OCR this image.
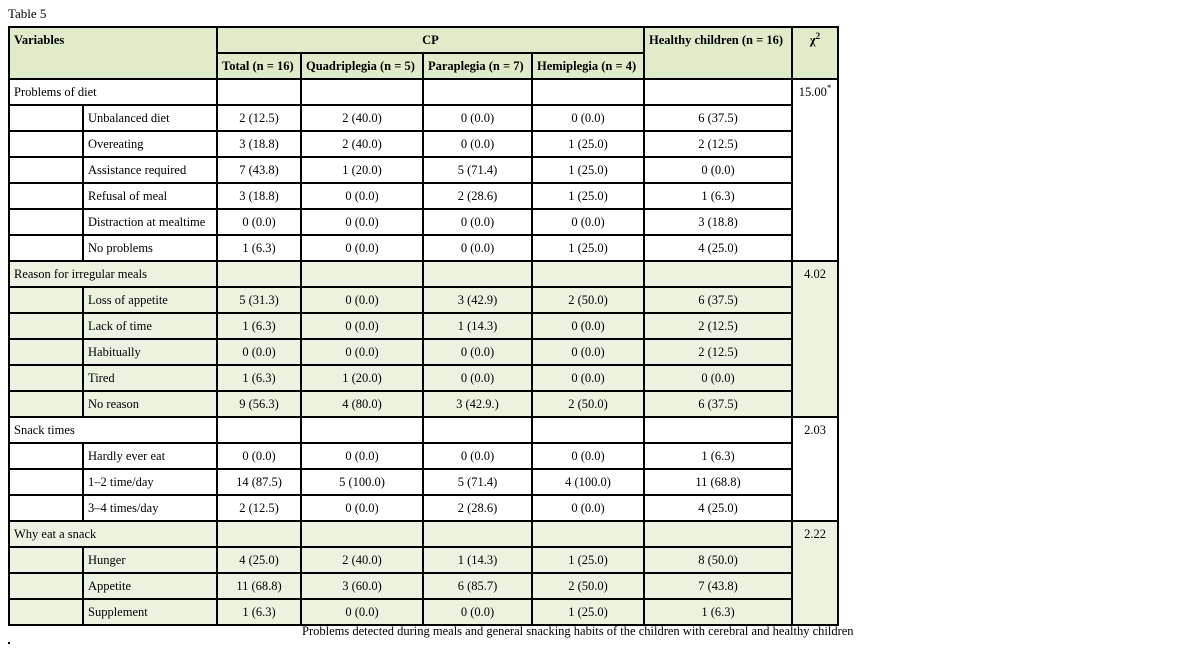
Table 5
Variables		CP				Healthy children (n = 16)	$\chi^2$
		Total (n = 16)	Quadriplegia (n = 5)	Paraplegia (n = 7)	Hemiplegia (n = 4)		
Problems of diet							15.00*
	Unbalanced diet	2 (12.5)	2 (40.0)	0 (0.0)	0 (0.0)	6 (37.5)	
	Overeating	3 (18.8)	2 (40.0)	0 (0.0)	1 (25.0)	2 (12.5)	
	Assistance required	7 (43.8)	1 (20.0)	5 (71.4)	1 (25.0)	0 (0.0)	
	Refusal of meal	3 (18.8)	0 (0.0)	2 (28.6)	1 (25.0)	1 (6.3)	
	Distraction at mealtime	0 (0.0)	0 (0.0)	0 (0.0)	0 (0.0)	3 (18.8)	
	No problems	1 (6.3)	0 (0.0)	0 (0.0)	1 (25.0)	4 (25.0)	
Reason for irregular meals							4.02
	Loss of appetite	5 (31.3)	0 (0.0)	3 (42.9)	2 (50.0)	6 (37.5)	
	Lack of time	1 (6.3)	0 (0.0)	1 (14.3)	0 (0.0)	2 (12.5)	
	Habitually	0 (0.0)	0 (0.0)	0 (0.0)	0 (0.0)	2 (12.5)	
	Tired	1 (6.3)	1 (20.0)	0 (0.0)	0 (0.0)	0 (0.0)	
	No reason	9 (56.3)	4 (80.0)	3 (42.9.)	2 (50.0)	6 (37.5)	
Snack times							2.03
	Hardly ever eat	0 (0.0)	0 (0.0)	0 (0.0)	0 (0.0)	1 (6.3)	
	1–2 time/day	14 (87.5)	5 (100.0)	5 (71.4)	4 (100.0)	11 (68.8)	
	3–4 times/day	2 (12.5)	0 (0.0)	2 (28.6)	0 (0.0)	4 (25.0)	
Why eat a snack							2.22
	Hunger	4 (25.0)	2 (40.0)	1 (14.3)	1 (25.0)	8 (50.0)	
	Appetite	11 (68.8)	3 (60.0)	6 (85.7)	2 (50.0)	7 (43.8)	
	Supplement	1 (6.3)	0 (0.0)	0 (0.0)	1 (25.0)	1 (6.3)	
Problems detected during meals and general snacking habits of the children with cerebral and healthy children
